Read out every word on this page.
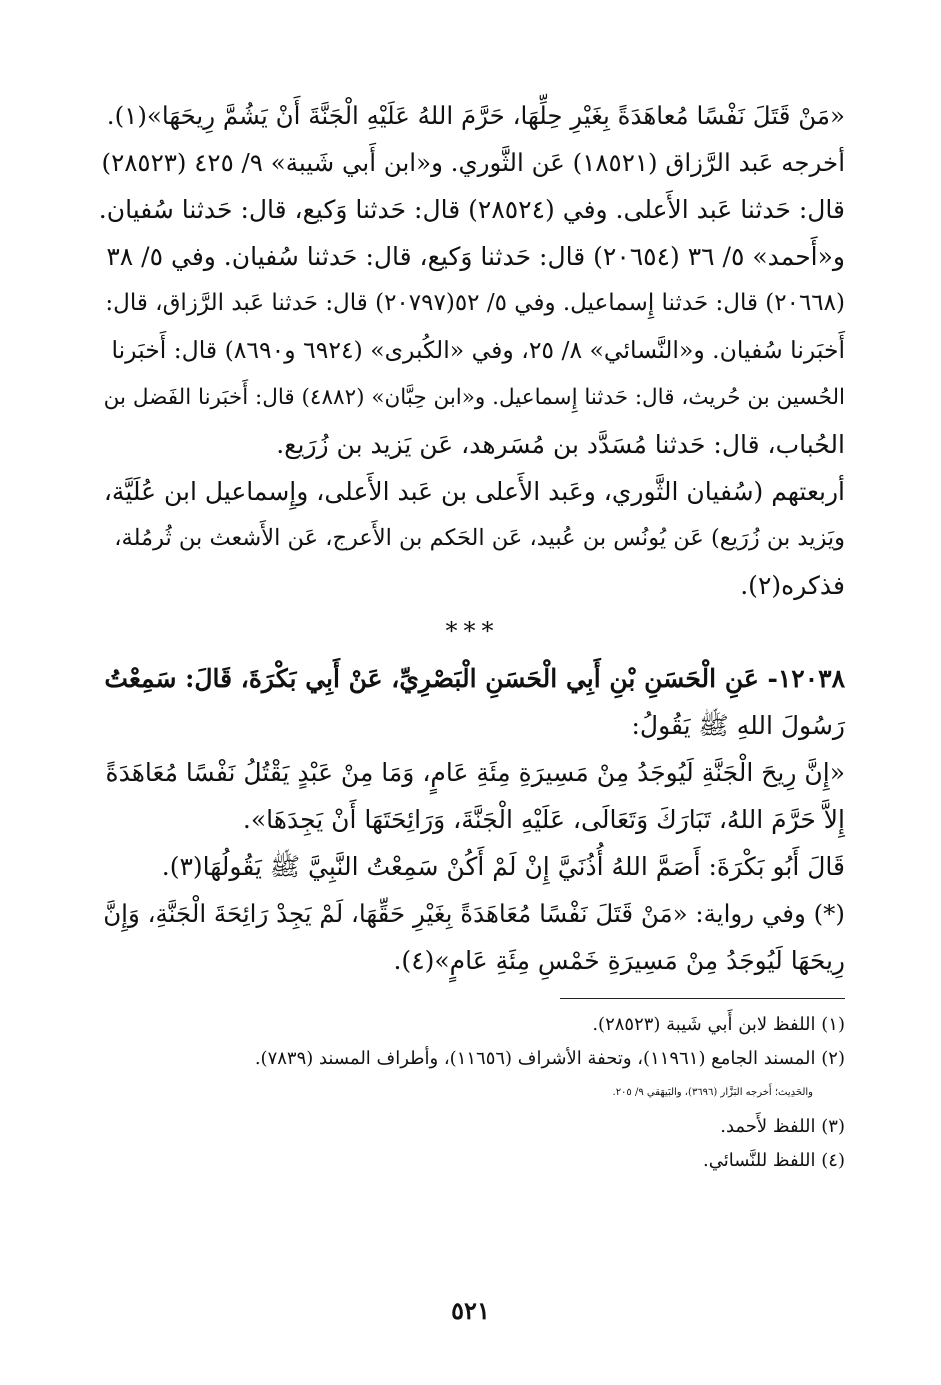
«مَنْ قَتَلَ نَفْسًا مُعاهَدَةً بِغَيْرِ حِلِّهَا، حَرَّمَ اللهُ عَلَيْهِ الْجَنَّةَ أَنْ يَشُمَّ رِيحَهَا»(١).
أخرجه عَبد الرَّزاق (١٨٥٢١) عَن الثَّوري. و«ابن أَبي شَيبة» ٩/ ٤٢٥ (٢٨٥٢٣)
قال: حَدثنا عَبد الأَعلى. وفي (٢٨٥٢٤) قال: حَدثنا وَكيع، قال: حَدثنا سُفيان.
و«أَحمد» ٥/ ٣٦ (٢٠٦٥٤) قال: حَدثنا وَكيع، قال: حَدثنا سُفيان. وفي ٥/ ٣٨
(٢٠٦٦٨) قال: حَدثنا إِسماعيل. وفي ٥/ ٥٢(٢٠٧٩٧) قال: حَدثنا عَبد الرَّزاق، قال:
أَخبَرنا سُفيان. و«النَّسائي» ٨/ ٢٥، وفي «الكُبرى» (٦٩٢٤ و٨٦٩٠) قال: أَخبَرنا
الحُسين بن حُريث، قال: حَدثنا إِسماعيل. و«ابن حِبَّان» (٤٨٨٢) قال: أَخبَرنا الفَضل بن
الحُباب، قال: حَدثنا مُسَدَّد بن مُسَرهد، عَن يَزيد بن زُرَيع.
أربعتهم (سُفيان الثَّوري، وعَبد الأَعلى بن عَبد الأَعلى، وإِسماعيل ابن عُلَيَّة،
ويَزيد بن زُرَيع) عَن يُونُس بن عُبيد، عَن الحَكم بن الأَعرج، عَن الأَشعث بن ثُرمُلة،
فذكره(٢).
***
١٢٠٣٨- عَنِ الْحَسَنِ بْنِ أَبِي الْحَسَنِ الْبَصْرِيِّ، عَنْ أَبِي بَكْرَةَ، قَالَ: سَمِعْتُ
رَسُولَ اللهِ ﷺ يَقُولُ:
«إِنَّ رِيحَ الْجَنَّةِ لَيُوجَدُ مِنْ مَسِيرَةِ مِئَةِ عَامٍ، وَمَا مِنْ عَبْدٍ يَقْتُلُ نَفْسًا مُعَاهَدَةً
إِلاَّ حَرَّمَ اللهُ، تَبَارَكَ وَتَعَالَى، عَلَيْهِ الْجَنَّةَ، وَرَائِحَتَهَا أَنْ يَجِدَهَا».
قَالَ أَبُو بَكْرَةَ: أَصَمَّ اللهُ أُذُنَيَّ إِنْ لَمْ أَكُنْ سَمِعْتُ النَّبِيَّ ﷺ يَقُولُهَا(٣).
(*) وفي رواية: «مَنْ قَتَلَ نَفْسًا مُعَاهَدَةً بِغَيْرِ حَقِّهَا، لَمْ يَجِدْ رَائِحَةَ الْجَنَّةِ، وَإِنَّ
رِيحَهَا لَيُوجَدُ مِنْ مَسِيرَةِ خَمْسِ مِئَةِ عَامٍ»(٤).
(١) اللفظ لابن أَبي شَيبة (٢٨٥٢٣).
(٢) المسند الجامع (١١٩٦١)، وتحفة الأشراف (١١٦٥٦)، وأطراف المسند (٧٨٣٩).
والحَدِيث؛ أَخرجه البَزَّار (٣٦٩٦)، والبَيهَقي ٩/ ٢٠٥.
(٣) اللفظ لأَحمد.
(٤) اللفظ للنَّسائي.
٥٢١
